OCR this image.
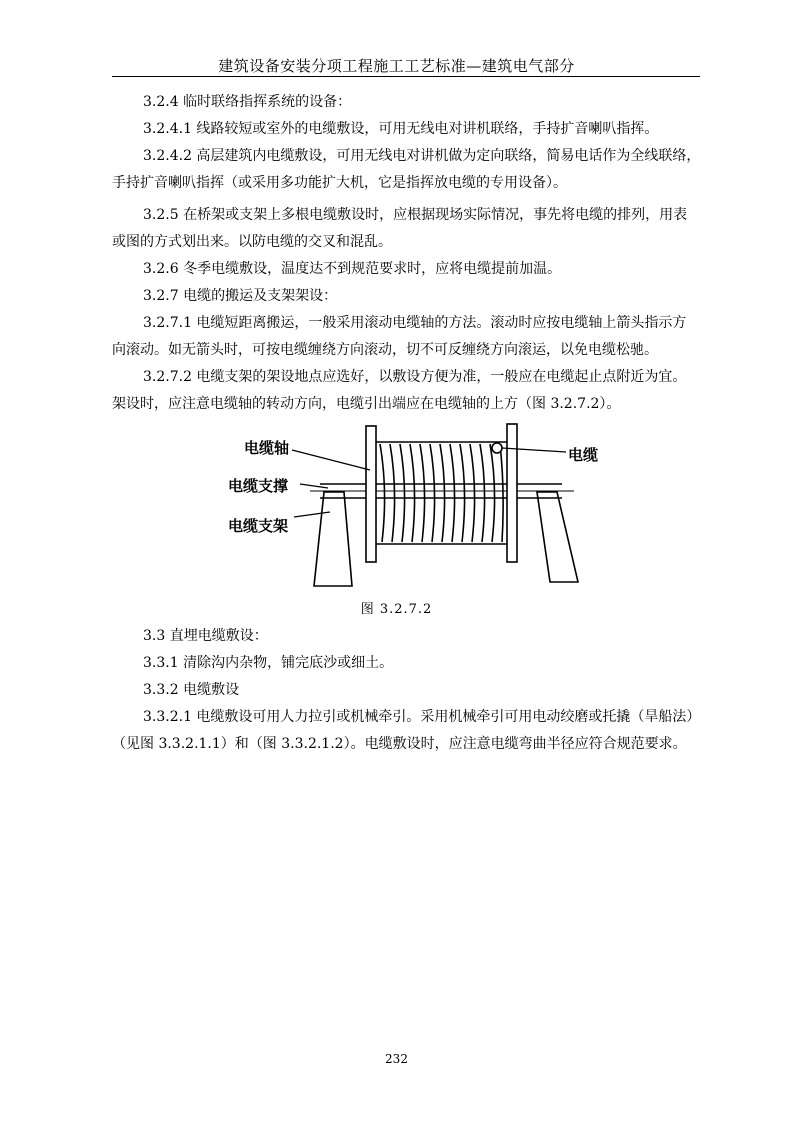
建筑设备安装分项工程施工工艺标准—建筑电气部分
3.2.4 临时联络指挥系统的设备：
3.2.4.1 线路较短或室外的电缆敷设，可用无线电对讲机联络，手持扩音喇叭指挥。
3.2.4.2 高层建筑内电缆敷设，可用无线电对讲机做为定向联络，简易电话作为全线联络，
手持扩音喇叭指挥（或采用多功能扩大机，它是指挥放电缆的专用设备）。
3.2.5 在桥架或支架上多根电缆敷设时，应根据现场实际情况，事先将电缆的排列，用表
或图的方式划出来。以防电缆的交叉和混乱。
3.2.6 冬季电缆敷设，温度达不到规范要求时，应将电缆提前加温。
3.2.7 电缆的搬运及支架架设：
3.2.7.1 电缆短距离搬运，一般采用滚动电缆轴的方法。滚动时应按电缆轴上箭头指示方
向滚动。如无箭头时，可按电缆缠绕方向滚动，切不可反缠绕方向滚运，以免电缆松驰。
3.2.7.2 电缆支架的架设地点应选好，以敷设方便为准，一般应在电缆起止点附近为宜。
架设时，应注意电缆轴的转动方向，电缆引出端应在电缆轴的上方（图 3.2.7.2）。
电缆轴	电缆
电缆支撑
电缆支架
图 3.2.7.2
3.3 直埋电缆敷设：
3.3.1 清除沟内杂物，铺完底沙或细土。
3.3.2 电缆敷设
3.3.2.1 电缆敷设可用人力拉引或机械牵引。采用机械牵引可用电动绞磨或托撬（旱船法）
（见图 3.3.2.1.1）和（图 3.3.2.1.2）。电缆敷设时，应注意电缆弯曲半径应符合规范要求。
232
